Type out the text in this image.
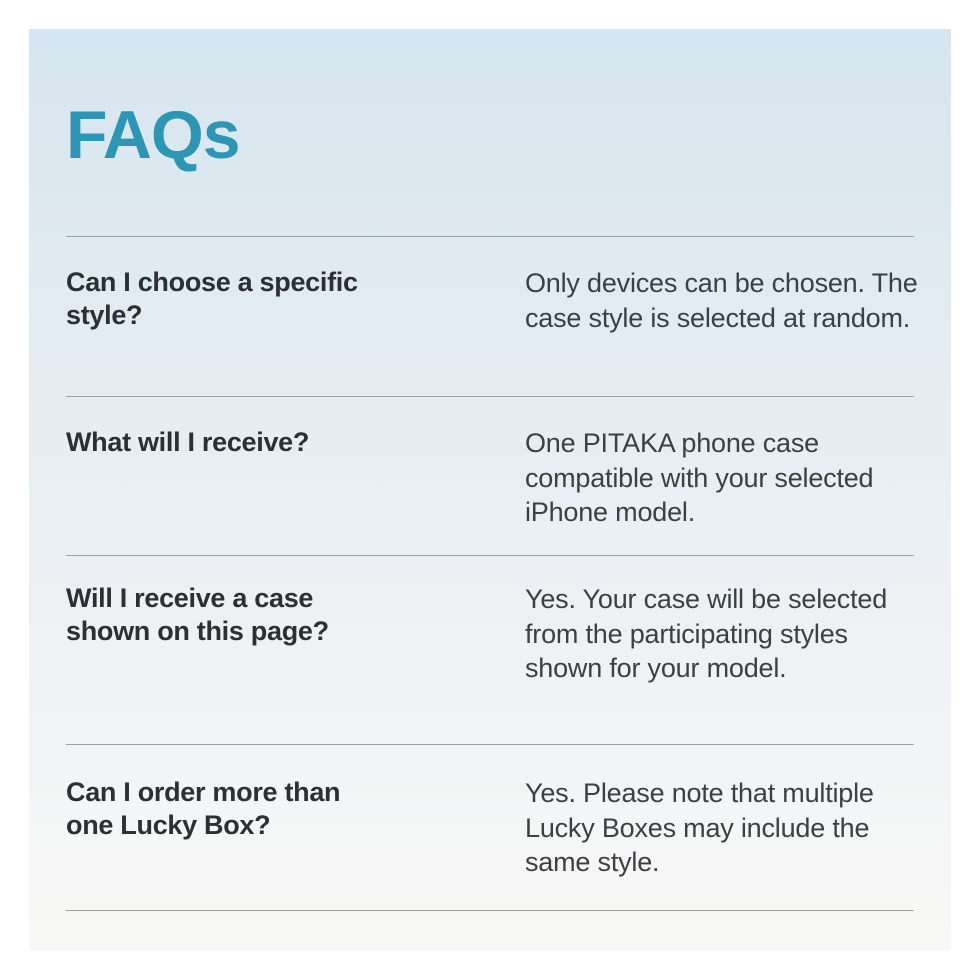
FAQs
Can I choose a specific style?
Only devices can be chosen. The case style is selected at random.
What will I receive?	One PITAKA phone case compatible with your selected iPhone model.
Will I receive a case shown on this page?
Yes. Your case will be selected from the participating styles shown for your model.
Can I order more than one Lucky Box?
Yes. Please note that multiple Lucky Boxes may include the same style.
